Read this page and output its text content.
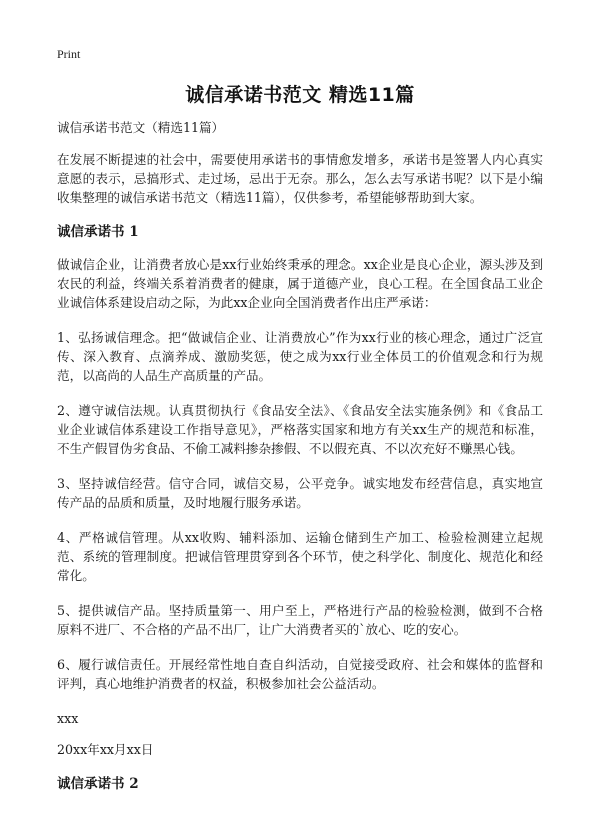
Print
诚信承诺书范文 精选11篇

诚信承诺书范文（精选11篇）

在发展不断提速的社会中，需要使用承诺书的事情愈发增多，承诺书是签署人内心真实意愿的表示，忌搞形式、走过场，忌出于无奈。那么，怎么去写承诺书呢？以下是小编收集整理的诚信承诺书范文（精选11篇），仅供参考，希望能够帮助到大家。

诚信承诺书 1

做诚信企业，让消费者放心是xx行业始终秉承的理念。xx企业是良心企业，源头涉及到农民的利益，终端关系着消费者的健康，属于道德产业，良心工程。在全国食品工业企业诚信体系建设启动之际，为此xx企业向全国消费者作出庄严承诺：

1、弘扬诚信理念。把“做诚信企业、让消费放心”作为xx行业的核心理念，通过广泛宣传、深入教育、点滴养成、激励奖惩，使之成为xx行业全体员工的价值观念和行为规范，以高尚的人品生产高质量的产品。

2、遵守诚信法规。认真贯彻执行《食品安全法》、《食品安全法实施条例》和《食品工业企业诚信体系建设工作指导意见》，严格落实国家和地方有关xx生产的规范和标准，不生产假冒伪劣食品、不偷工减料掺杂掺假、不以假充真、不以次充好不赚黑心钱。

3、坚持诚信经营。信守合同，诚信交易，公平竞争。诚实地发布经营信息，真实地宣传产品的品质和质量，及时地履行服务承诺。

4、严格诚信管理。从xx收购、辅料添加、运输仓储到生产加工、检验检测建立起规范、系统的管理制度。把诚信管理贯穿到各个环节，使之科学化、制度化、规范化和经常化。

5、提供诚信产品。坚持质量第一、用户至上，严格进行产品的检验检测，做到不合格原料不进厂、不合格的产品不出厂，让广大消费者买的`放心、吃的安心。

6、履行诚信责任。开展经常性地自查自纠活动，自觉接受政府、社会和媒体的监督和评判，真心地维护消费者的权益，积极参加社会公益活动。

xxx

20xx年xx月xx日

诚信承诺书 2
